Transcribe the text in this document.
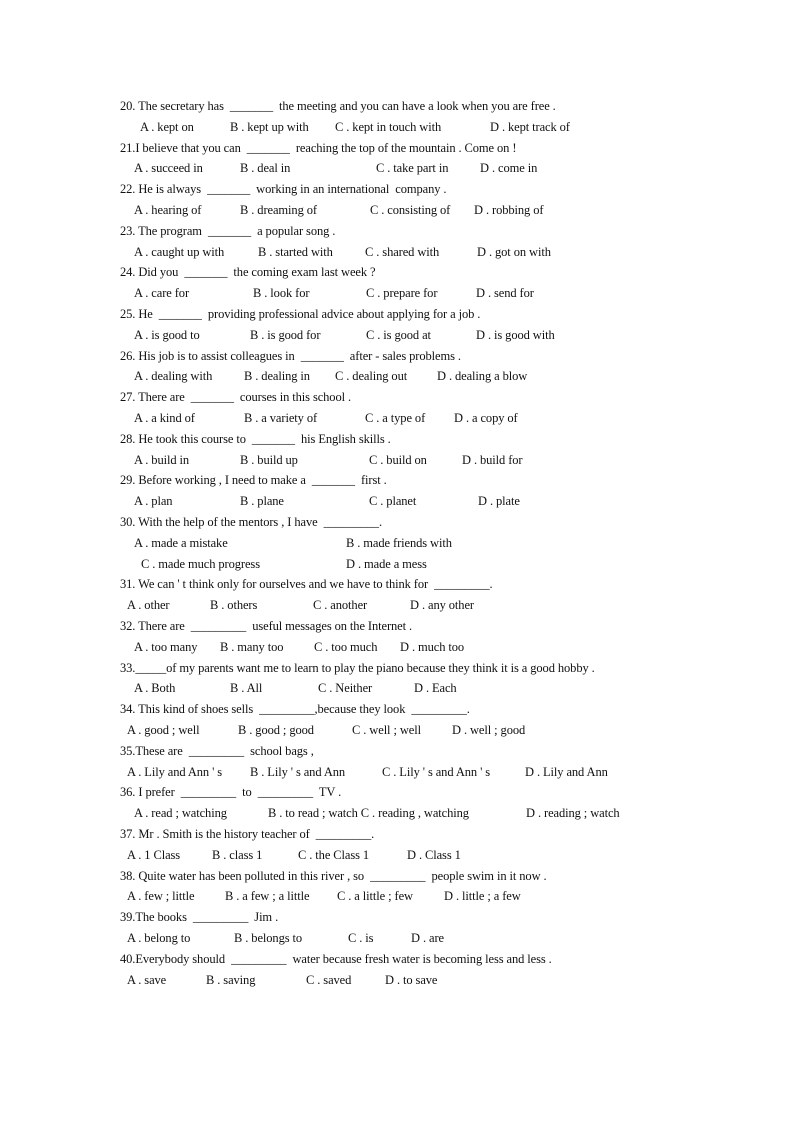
20. The secretary has  _______  the meeting and you can have a look when you are free .
A . kept on	B . kept up with C . kept in touch with	D . kept track of
21.I believe that you can  _______  reaching the top of the mountain . Come on !
A . succeed in	B . deal in	C . take part in	D . come in
22. He is always  _______  working in an international  company .
A . hearing of	B . dreaming of	C . consisting of D . robbing of
23. The program  _______  a popular song .
A . caught up with	B . started with	C . shared with	D . got on with
24. Did you  _______  the coming exam last week ?
A . care for	B . look for	C . prepare for	D . send for
25. He  _______  providing professional advice about applying for a job .
A . is good to	B . is good for	C . is good at	D . is good with
26. His job is to assist colleagues in  _______  after - sales problems .
A . dealing with	B . dealing in C . dealing out D . dealing a blow
27. There are  _______  courses in this school .
A . a kind of	B . a variety of	C . a type of D . a copy of
28. He took this course to  _______  his English skills .
A . build in	B . build up	C . build on	D . build for
29. Before working , I need to make a  _______  first .
A . plan	B . plane	C . planet	D . plate
30. With the help of the mentors , I have  _________.
A . made a mistake	B . made friends with
C . made much progress	D . made a mess
31. We can ' t think only for ourselves and we have to think for  _________.
A . other	B . others	C . another	D . any other
32. There are  _________  useful messages on the Internet .
A . too many B . many too C . too much D . much too
33._____of my parents want me to learn to play the piano because they think it is a good hobby .
A . Both	B . All	C . Neither	D . Each
34. This kind of shoes sells  _________,because they look  _________.
A . good ; well	B . good ; good	C . well ; well D . well ; good
35.These are  _________  school bags ,
A . Lily and Ann ' s B . Lily ' s and Ann	C . Lily ' s and Ann ' s	D . Lily and Ann
36. I prefer  _________  to  _________  TV .
A . read ; watching	B . to read ; watch C . reading , watching	D . reading ; watch
37. Mr . Smith is the history teacher of  _________.
A . 1 Class	B . class 1	C . the Class 1	D . Class 1
38. Quite water has been polluted in this river , so  _________  people swim in it now .
A . few ; little B . a few ; a little C . a little ; few D . little ; a few
39.The books  _________  Jim .
A . belong to	B . belongs to	C . is	D . are
40.Everybody should  _________  water because fresh water is becoming less and less .
A . save	B . saving	C . saved	D . to save
